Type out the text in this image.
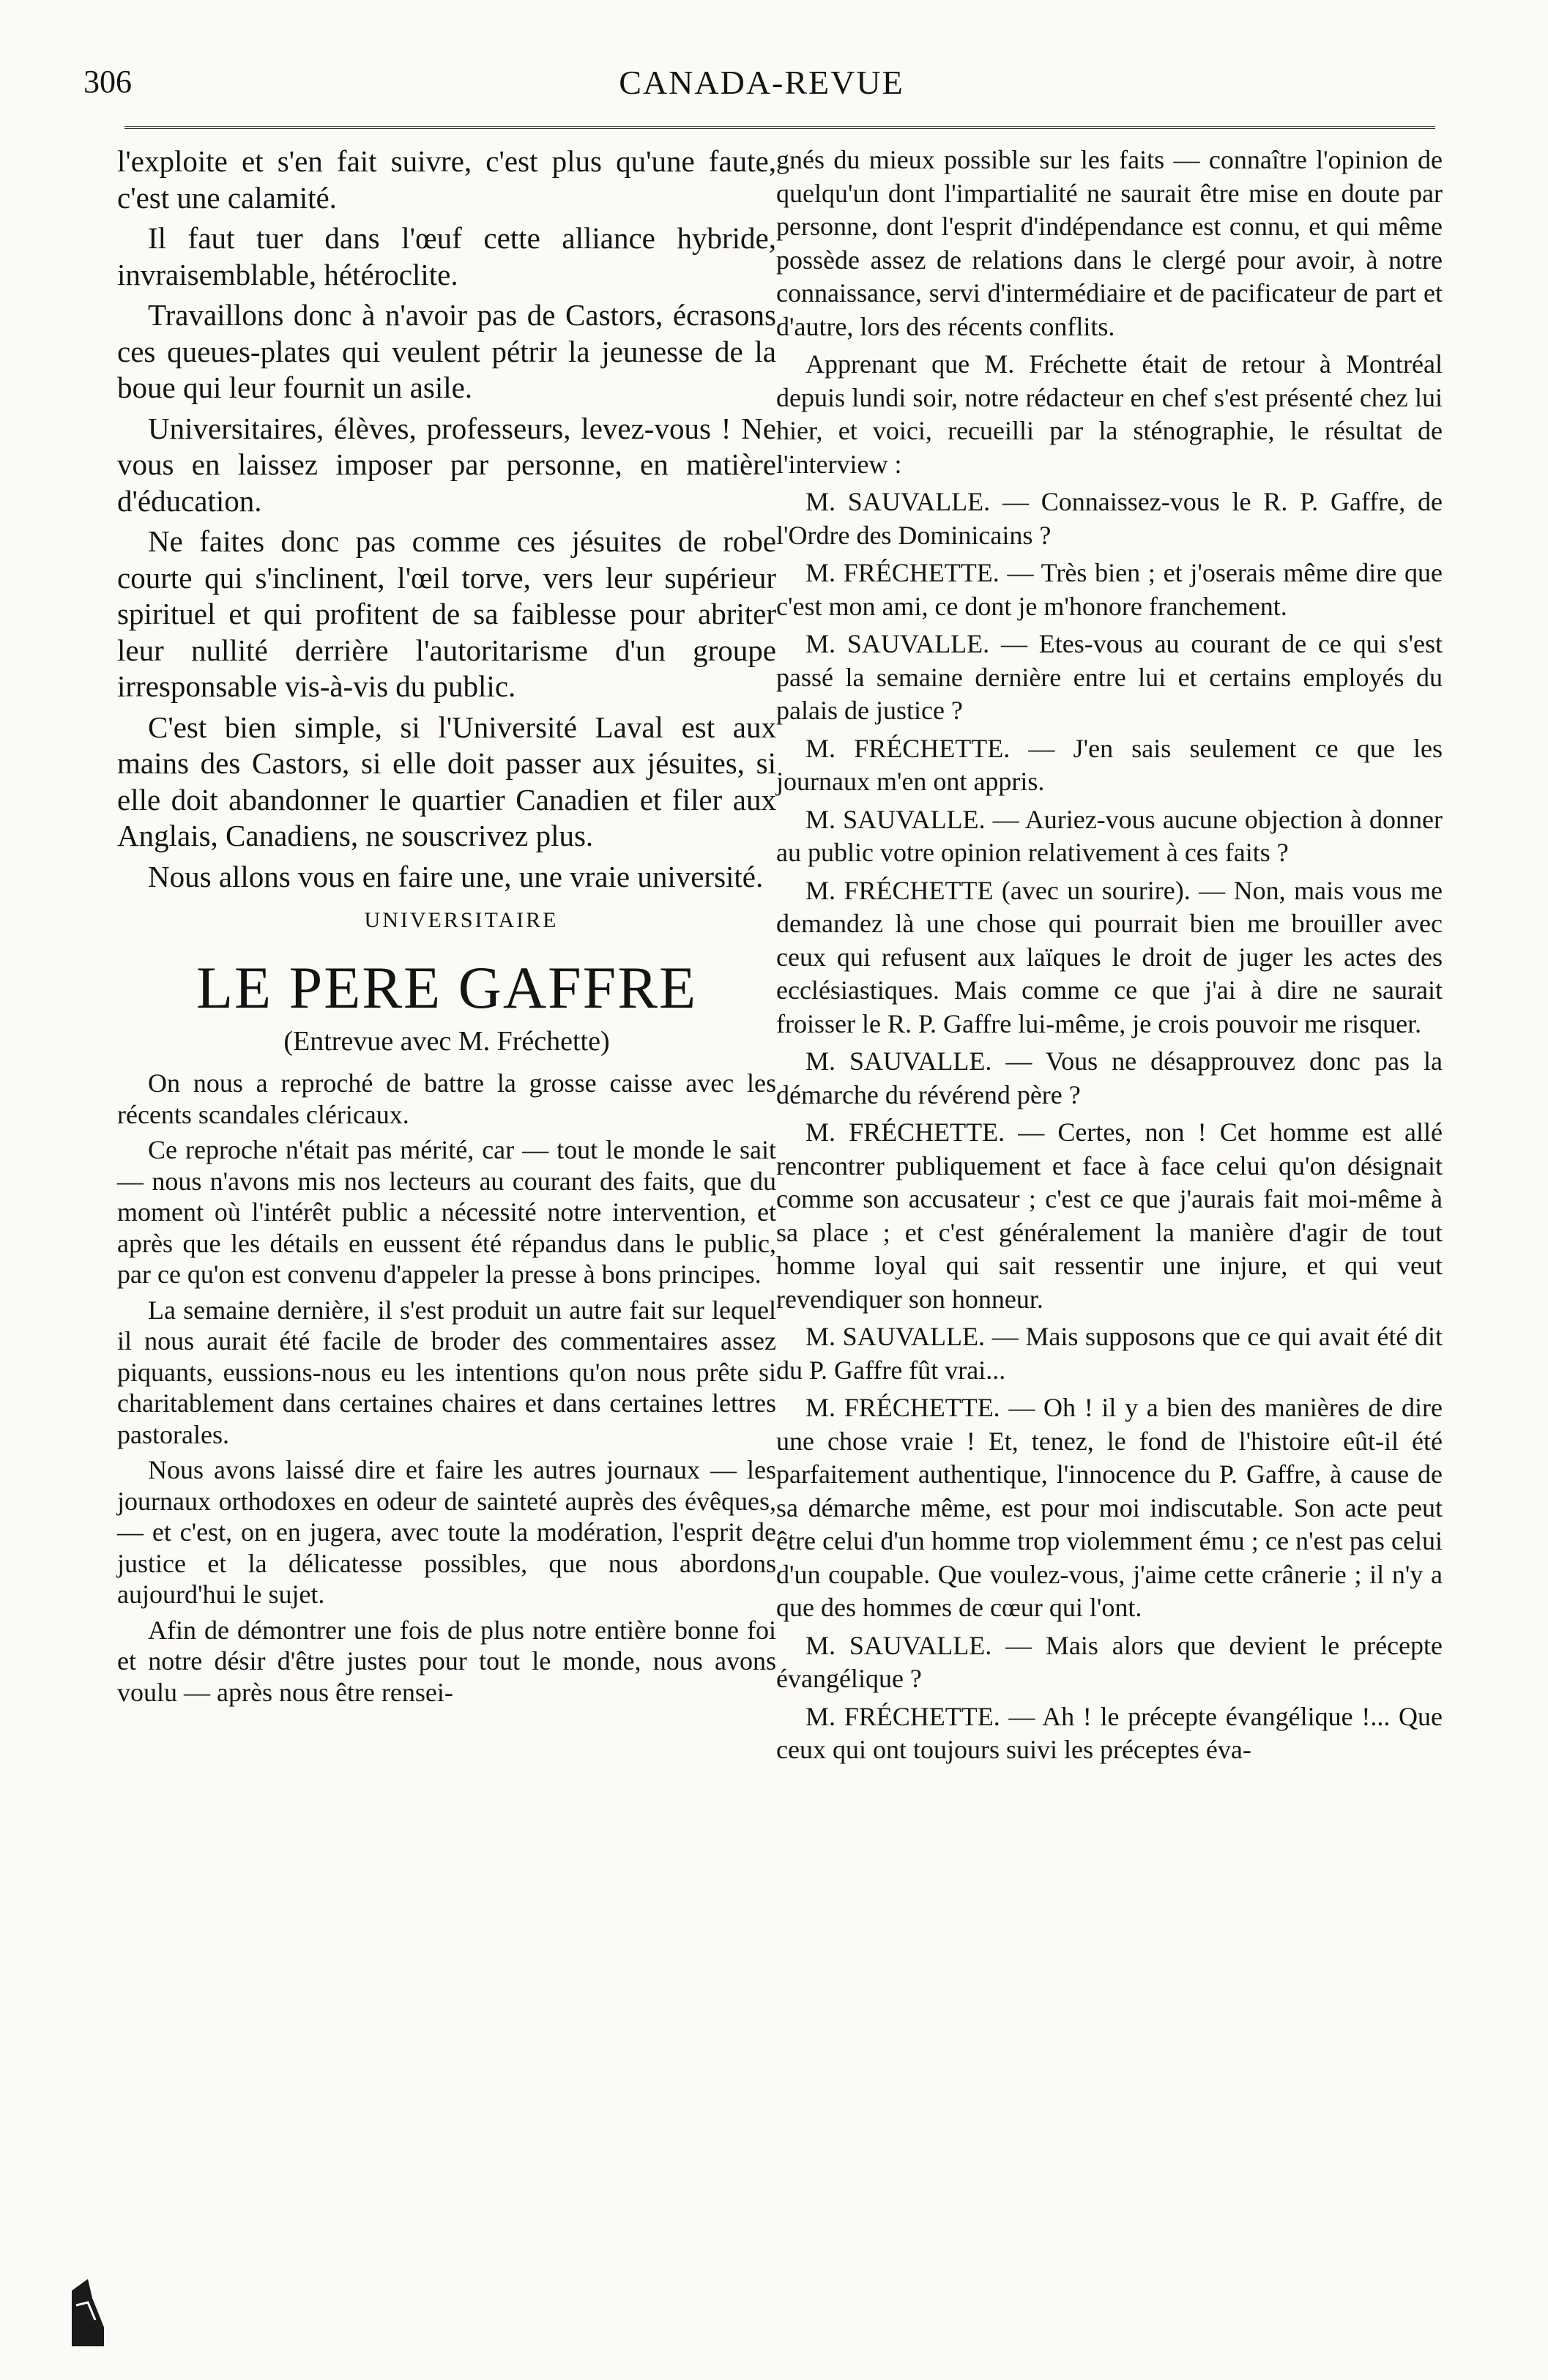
306	CANADA-REVUE

l'exploite et s'en fait suivre, c'est plus qu'une faute, c'est une calamité.

Il faut tuer dans l'œuf cette alliance hybride, invraisemblable, hétéroclite.

Travaillons donc à n'avoir pas de Castors, écrasons ces queues-plates qui veulent pétrir la jeunesse de la boue qui leur fournit un asile.

Universitaires, élèves, professeurs, levez-vous ! Ne vous en laissez imposer par personne, en matière d'éducation.

Ne faites donc pas comme ces jésuites de robe courte qui s'inclinent, l'œil torve, vers leur supérieur spirituel et qui profitent de sa faiblesse pour abriter leur nullité derrière l'autoritarisme d'un groupe irresponsable vis-à-vis du public.

C'est bien simple, si l'Université Laval est aux mains des Castors, si elle doit passer aux jésuites, si elle doit abandonner le quartier Canadien et filer aux Anglais, Canadiens, ne souscrivez plus.

Nous allons vous en faire une, une vraie université.

UNIVERSITAIRE
LE PERE GAFFRE
(Entrevue avec M. Fréchette)

On nous a reproché de battre la grosse caisse avec les récents scandales cléricaux.

Ce reproche n'était pas mérité, car — tout le monde le sait — nous n'avons mis nos lecteurs au courant des faits, que du moment où l'intérêt public a nécessité notre intervention, et après que les détails en eussent été répandus dans le public, par ce qu'on est convenu d'appeler la presse à bons principes.

La semaine dernière, il s'est produit un autre fait sur lequel il nous aurait été facile de broder des commentaires assez piquants, eussions-nous eu les intentions qu'on nous prête si charitablement dans certaines chaires et dans certaines lettres pastorales.

Nous avons laissé dire et faire les autres journaux — les journaux orthodoxes en odeur de sainteté auprès des évêques, — et c'est, on en jugera, avec toute la modération, l'esprit de justice et la délicatesse possibles, que nous abordons aujourd'hui le sujet.

Afin de démontrer une fois de plus notre entière bonne foi et notre désir d'être justes pour tout le monde, nous avons voulu — après nous être rensei-

gnés du mieux possible sur les faits — connaître l'opinion de quelqu'un dont l'impartialité ne saurait être mise en doute par personne, dont l'esprit d'indépendance est connu, et qui même possède assez de relations dans le clergé pour avoir, à notre connaissance, servi d'intermédiaire et de pacificateur de part et d'autre, lors des récents conflits.

Apprenant que M. Fréchette était de retour à Montréal depuis lundi soir, notre rédacteur en chef s'est présenté chez lui hier, et voici, recueilli par la sténographie, le résultat de l'interview :

M. SAUVALLE. — Connaissez-vous le R. P. Gaffre, de l'Ordre des Dominicains ?

M. FRÉCHETTE. — Très bien ; et j'oserais même dire que c'est mon ami, ce dont je m'honore franchement.

M. SAUVALLE. — Etes-vous au courant de ce qui s'est passé la semaine dernière entre lui et certains employés du palais de justice ?

M. FRÉCHETTE. — J'en sais seulement ce que les journaux m'en ont appris.

M. SAUVALLE. — Auriez-vous aucune objection à donner au public votre opinion relativement à ces faits ?

M. FRÉCHETTE (avec un sourire). — Non, mais vous me demandez là une chose qui pourrait bien me brouiller avec ceux qui refusent aux laïques le droit de juger les actes des ecclésiastiques. Mais comme ce que j'ai à dire ne saurait froisser le R. P. Gaffre lui-même, je crois pouvoir me risquer.

M. SAUVALLE. — Vous ne désapprouvez donc pas la démarche du révérend père ?

M. FRÉCHETTE. — Certes, non ! Cet homme est allé rencontrer publiquement et face à face celui qu'on désignait comme son accusateur ; c'est ce que j'aurais fait moi-même à sa place ; et c'est généralement la manière d'agir de tout homme loyal qui sait ressentir une injure, et qui veut revendiquer son honneur.

M. SAUVALLE. — Mais supposons que ce qui avait été dit du P. Gaffre fût vrai...

M. FRÉCHETTE. — Oh ! il y a bien des manières de dire une chose vraie ! Et, tenez, le fond de l'histoire eût-il été parfaitement authentique, l'innocence du P. Gaffre, à cause de sa démarche même, est pour moi indiscutable. Son acte peut être celui d'un homme trop violemment ému ; ce n'est pas celui d'un coupable. Que voulez-vous, j'aime cette crânerie ; il n'y a que des hommes de cœur qui l'ont.

M. SAUVALLE. — Mais alors que devient le précepte évangélique ?

M. FRÉCHETTE. — Ah ! le précepte évangélique !... Que ceux qui ont toujours suivi les préceptes éva-
